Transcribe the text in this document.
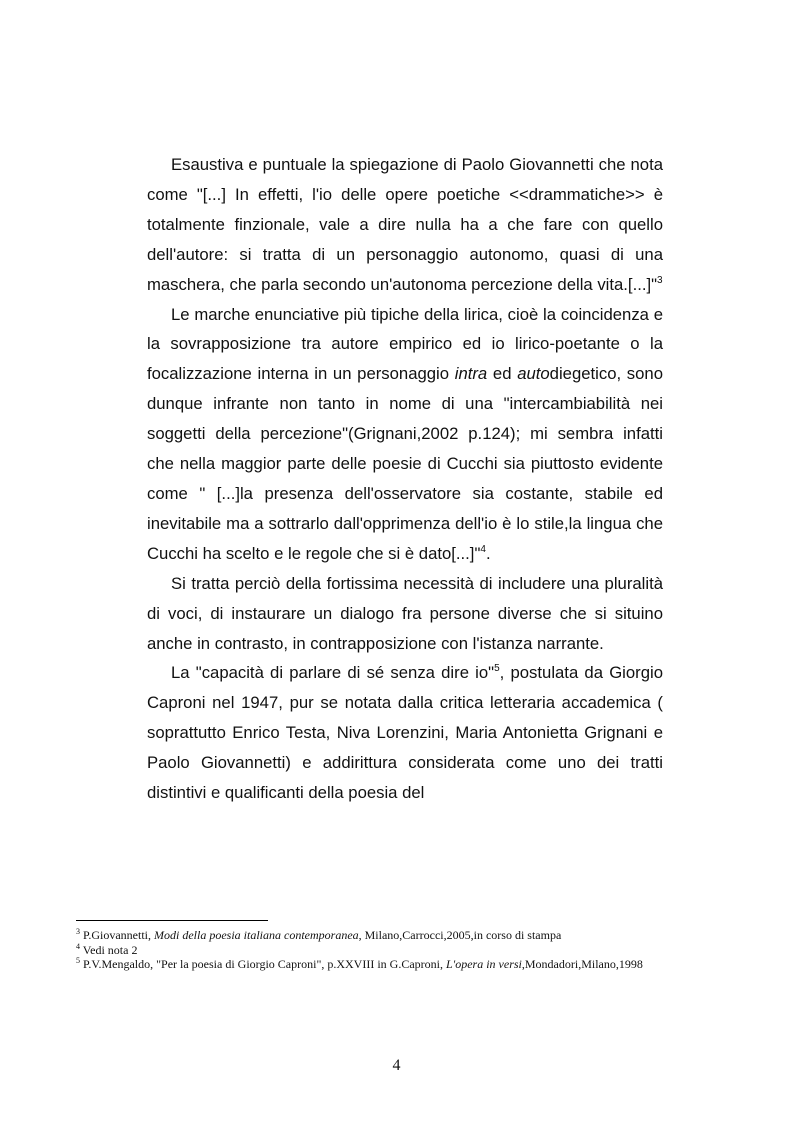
Esaustiva e puntuale la spiegazione di Paolo Giovannetti che nota come "[...] In effetti, l'io delle opere poetiche <<drammatiche>> è totalmente finzionale, vale a dire nulla ha a che fare con quello dell'autore: si tratta di un personaggio autonomo, quasi di una maschera, che parla secondo un'autonoma percezione della vita.[...]"$^3$

Le marche enunciative più tipiche della lirica, cioè la coincidenza e la sovrapposizione tra autore empirico ed io lirico-poetante o la focalizzazione interna in un personaggio intra ed autodiegetico, sono dunque infrante non tanto in nome di una "intercambiabilità nei soggetti della percezione"(Grignani,2002 p.124); mi sembra infatti che nella maggior parte delle poesie di Cucchi sia piuttosto evidente come " [...]la presenza dell'osservatore sia costante, stabile ed inevitabile ma a sottrarlo dall'opprimenza dell'io è lo stile,la lingua che Cucchi ha scelto e le regole che si è dato[...]"$^4$.

Si tratta perciò della fortissima necessità di includere una pluralità di voci, di instaurare un dialogo fra persone diverse che si situino anche in contrasto, in contrapposizione con l'istanza narrante.

La "capacità di parlare di sé senza dire io"$^5$, postulata da Giorgio Caproni nel 1947, pur se notata dalla critica letteraria accademica ( soprattutto Enrico Testa, Niva Lorenzini, Maria Antonietta Grignani e Paolo Giovannetti) e addirittura considerata come uno dei tratti distintivi e qualificanti della poesia del

$^3$ P.Giovannetti, Modi della poesia italiana contemporanea, Milano,Carrocci,2005,in corso di stampa

$^4$ Vedi nota 2

$^5$ P.V.Mengaldo, "Per la poesia di Giorgio Caproni", p.XXVIII in G.Caproni, L'opera in versi,Mondadori,Milano,1998

4
